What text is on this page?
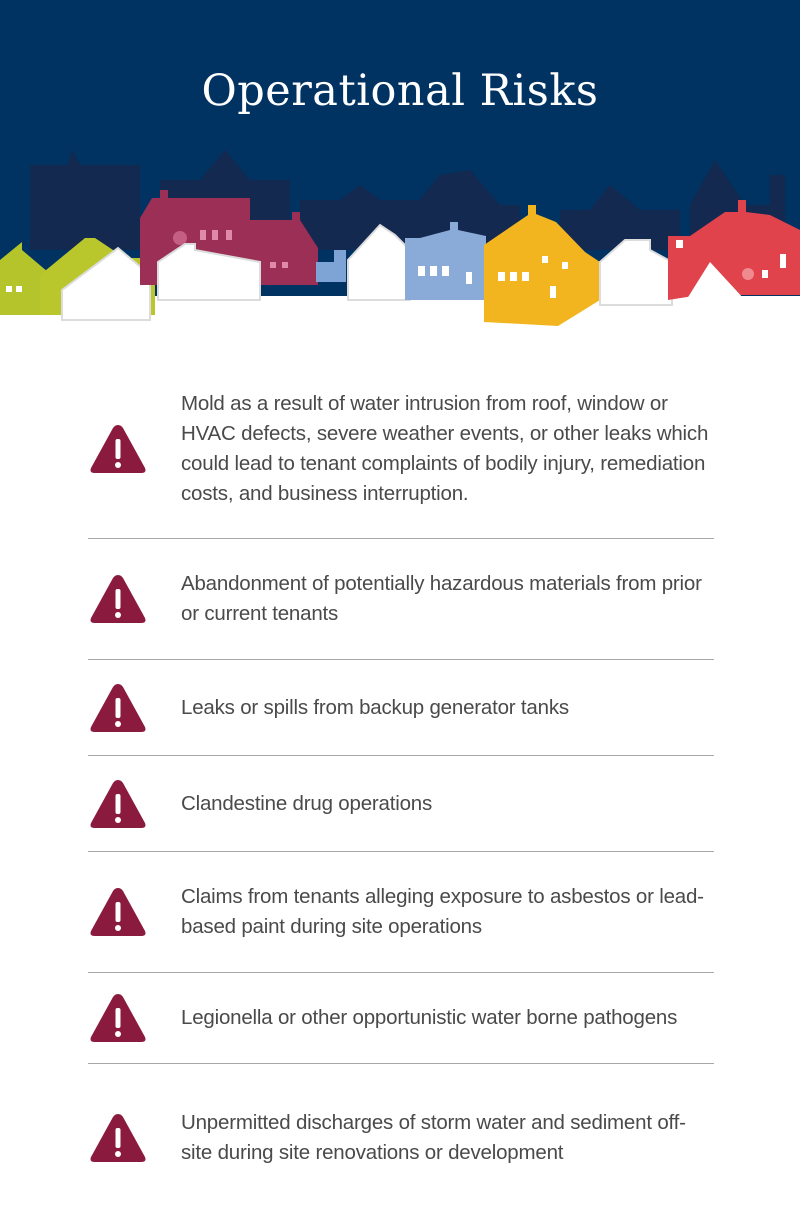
Operational Risks
Mold as a result of water intrusion from roof, window or HVAC defects, severe weather events, or other leaks which could lead to tenant complaints of bodily injury, remediation costs, and business interruption.
Abandonment of potentially hazardous materials from prior or current tenants
Leaks or spills from backup generator tanks
Clandestine drug operations
Claims from tenants alleging exposure to asbestos or lead-based paint during site operations
Legionella or other opportunistic water borne pathogens
Unpermitted discharges of storm water and sediment off-site during site renovations or development
